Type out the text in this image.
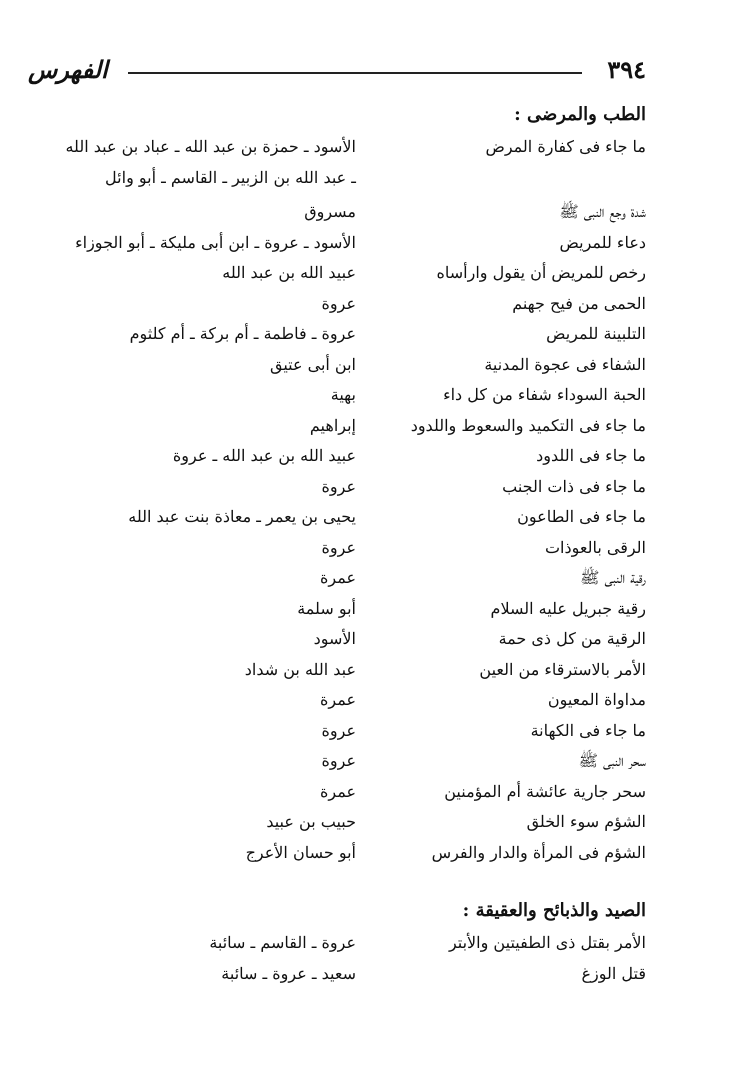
٣٩٤
الفهرس
الطب والمرضى :
ما جاء فى كفارة المرض
الأسود ـ حمزة بن عبد الله ـ عباد بن عبد الله
ـ عبد الله بن الزبير ـ القاسم ـ أبو وائل
شدة وجع النبى ﷺ
مسروق
دعاء للمريض
الأسود ـ عروة ـ ابن أبى مليكة ـ أبو الجوزاء
رخص للمريض أن يقول وارأساه
عبيد الله بن عبد الله
الحمى من فيح جهنم
عروة
التلبينة للمريض
عروة ـ فاطمة ـ أم بركة ـ أم كلثوم
الشفاء فى عجوة المدنية
ابن أبى عتيق
الحبة السوداء شفاء من كل داء
بهية
ما جاء فى التكميد والسعوط واللدود
إبراهيم
ما جاء فى اللدود
عبيد الله بن عبد الله ـ عروة
ما جاء فى ذات الجنب
عروة
ما جاء فى الطاعون
يحيى بن يعمر ـ معاذة بنت عبد الله
الرقى بالعوذات
عروة
رقية النبى ﷺ
عمرة
رقية جبريل عليه السلام
أبو سلمة
الرقية من كل ذى حمة
الأسود
الأمر بالاسترقاء من العين
عبد الله بن شداد
مداواة المعيون
عمرة
ما جاء فى الكهانة
عروة
سحر النبى ﷺ
عروة
سحر جارية عائشة أم المؤمنين
عمرة
الشؤم سوء الخلق
حبيب بن عبيد
الشؤم فى المرأة والدار والفرس
أبو حسان الأعرج
الصيد والذبائح والعقيقة :
الأمر بقتل ذى الطفيتين والأبتر
عروة ـ القاسم ـ سائبة
قتل الوزغ
سعيد ـ عروة ـ سائبة
